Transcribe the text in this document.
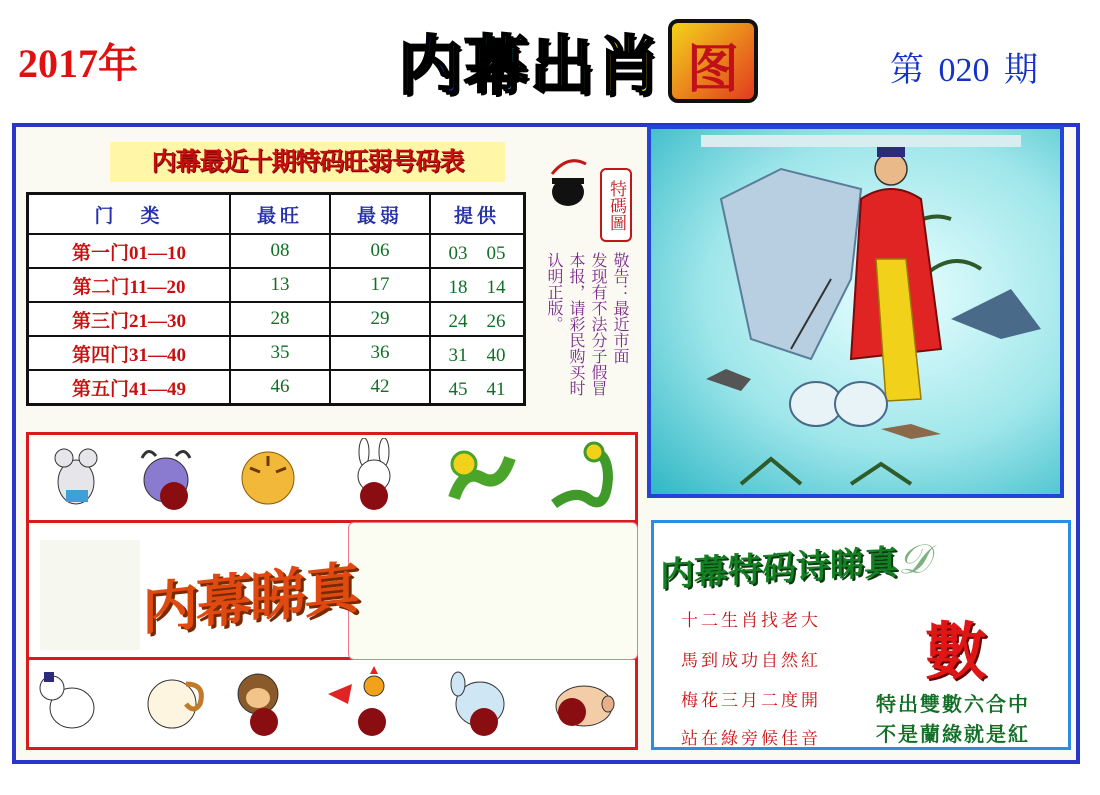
2017年	内 幕 出 肖 图	第 020 期
内幕最近十期特码旺弱号码表
门　类	最旺	最弱	提供
第一门01—10	08	06	03　05
第二门11—20	13	17	18　14
第三门21—30	28	29	24　26
第四门31—40	35	36	31　40
第五门41—49	46	42	45　41
特碼圖
敬告：最近市面
发现有不法分子假冒
本报，请彩民购买时
认明正版。
内幕睇真	内幕特码诗睇真𝒟
數
十二生肖找老大
馬到成功自然紅
梅花三月二度開
站在綠旁候佳音
特出雙數六合中
不是蘭綠就是紅
